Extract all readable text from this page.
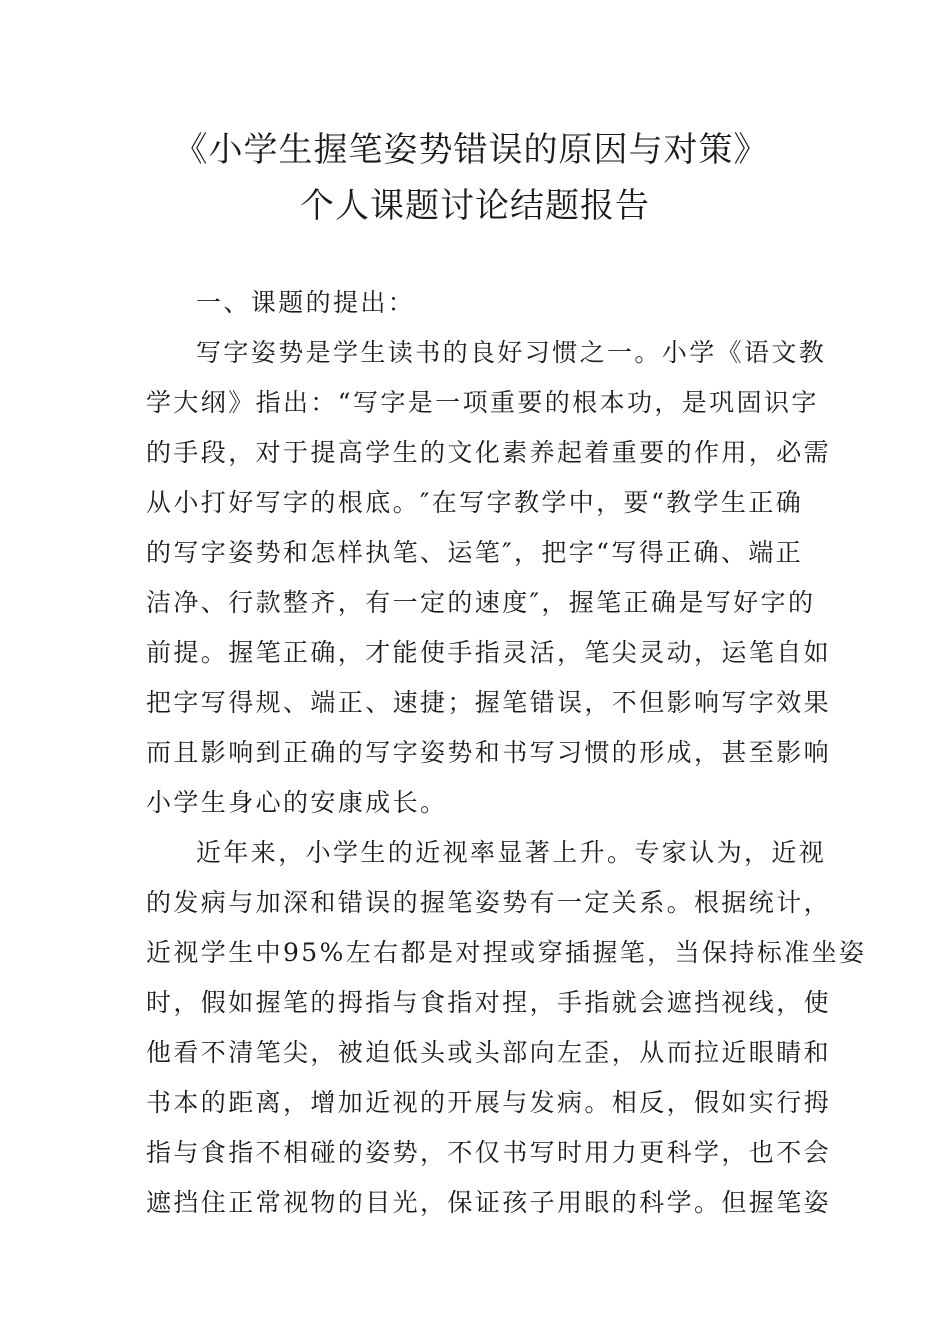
《小学生握笔姿势错误的原因与对策》
个人课题讨论结题报告
一、课题的提出：
写字姿势是学生读书的良好习惯之一。小学《语文教
学大纲》指出：“写字是一项重要的根本功，是巩固识字
的手段，对于提高学生的文化素养起着重要的作用，必需
从小打好写字的根底。″在写字教学中，要“教学生正确
的写字姿势和怎样执笔、运笔″，把字“写得正确、端正
洁净、行款整齐，有一定的速度″，握笔正确是写好字的
前提。握笔正确，才能使手指灵活，笔尖灵动，运笔自如
把字写得规、端正、速捷；握笔错误，不但影响写字效果
而且影响到正确的写字姿势和书写习惯的形成，甚至影响
小学生身心的安康成长。
近年来，小学生的近视率显著上升。专家认为，近视
的发病与加深和错误的握笔姿势有一定关系。根据统计，
近视学生中95%左右都是对捏或穿插握笔，当保持标准坐姿
时，假如握笔的拇指与食指对捏，手指就会遮挡视线，使
他看不清笔尖，被迫低头或头部向左歪，从而拉近眼睛和
书本的距离，增加近视的开展与发病。相反，假如实行拇
指与食指不相碰的姿势，不仅书写时用力更科学，也不会
遮挡住正常视物的目光，保证孩子用眼的科学。但握笔姿
